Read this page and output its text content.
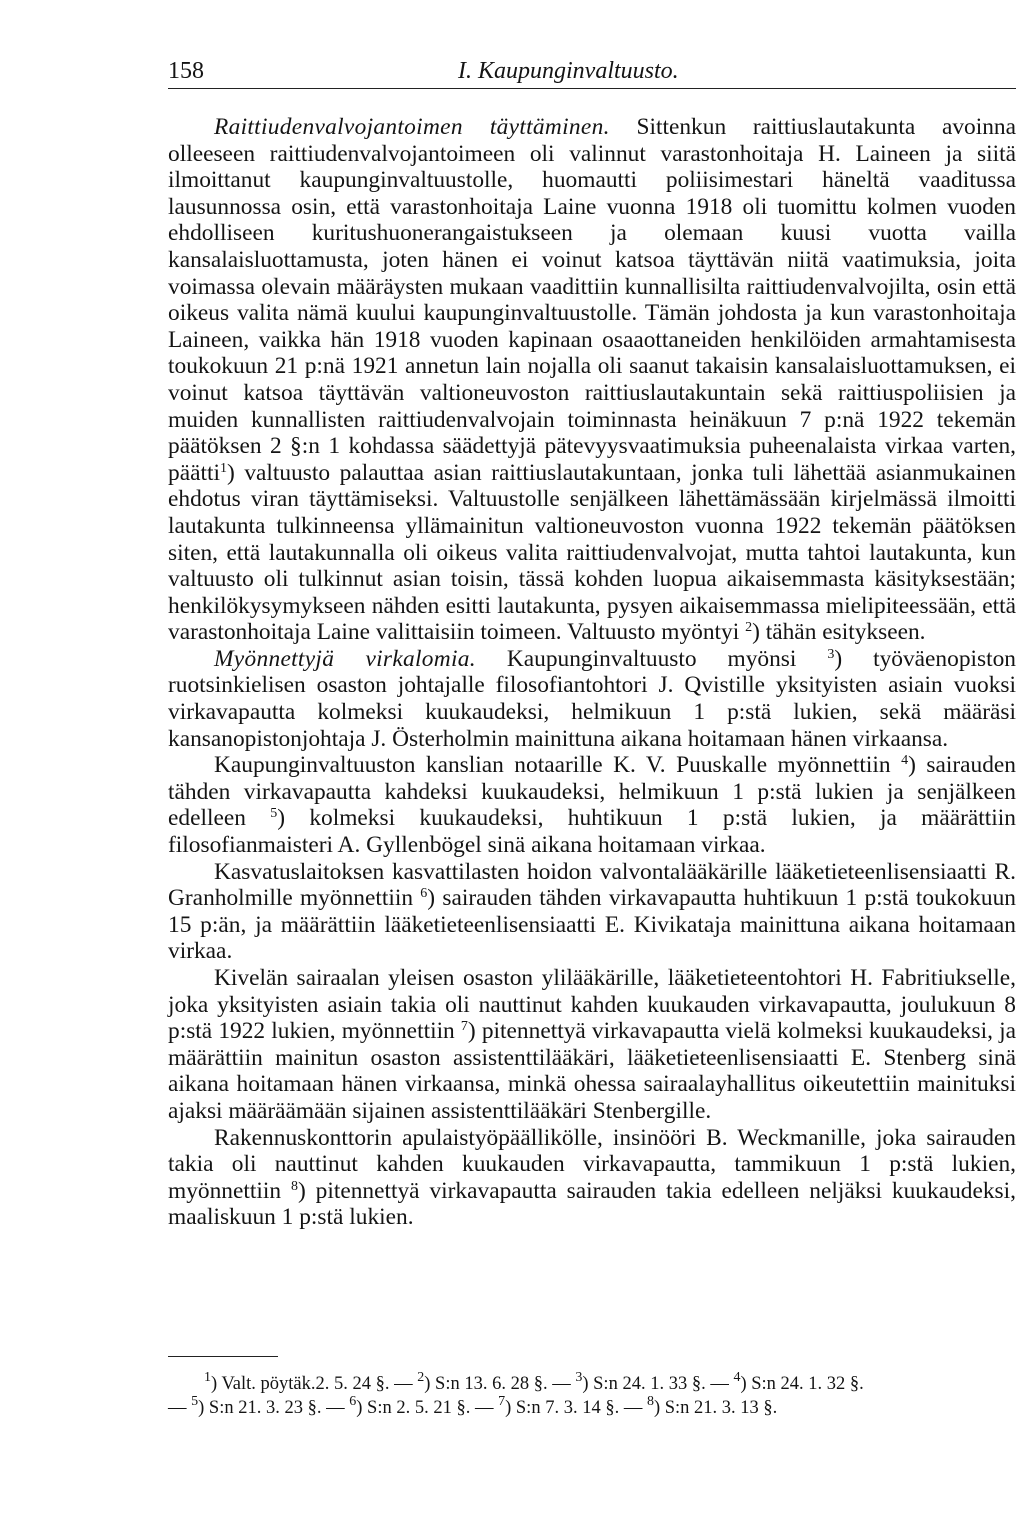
158	I. Kaupunginvaltuusto.

Raittiudenvalvojantoimen täyttäminen. Sittenkun raittiuslautakunta avoinna olleeseen raittiudenvalvojantoimeen oli valinnut varastonhoitaja H. Laineen ja siitä ilmoittanut kaupunginvaltuustolle, huomautti poliisimestari häneltä vaaditussa lausunnossa osin, että varastonhoitaja Laine vuonna 1918 oli tuomittu kolmen vuoden ehdolliseen kuritushuonerangaistukseen ja olemaan kuusi vuotta vailla kansalaisluottamusta, joten hänen ei voinut katsoa täyttävän niitä vaatimuksia, joita voimassa olevain määräysten mukaan vaadittiin kunnallisilta raittiudenvalvojilta, osin että oikeus valita nämä kuului kaupunginvaltuustolle. Tämän johdosta ja kun varastonhoitaja Laineen, vaikka hän 1918 vuoden kapinaan osaaottaneiden henkilöiden armahtamisesta toukokuun 21 p:nä 1921 annetun lain nojalla oli saanut takaisin kansalaisluottamuksen, ei voinut katsoa täyttävän valtioneuvoston raittiuslautakuntain sekä raittiuspoliisien ja muiden kunnallisten raittiudenvalvojain toiminnasta heinäkuun 7 p:nä 1922 tekemän päätöksen 2 §:n 1 kohdassa säädettyjä pätevyysvaatimuksia puheenalaista virkaa varten, päätti$^1$) valtuusto palauttaa asian raittiuslautakuntaan, jonka tuli lähettää asianmukainen ehdotus viran täyttämiseksi. Valtuustolle senjälkeen lähettämässään kirjelmässä ilmoitti lautakunta tulkinneensa yllämainitun valtioneuvoston vuonna 1922 tekemän päätöksen siten, että lautakunnalla oli oikeus valita raittiudenvalvojat, mutta tahtoi lautakunta, kun valtuusto oli tulkinnut asian toisin, tässä kohden luopua aikaisemmasta käsityksestään; henkilökysymykseen nähden esitti lautakunta, pysyen aikaisemmassa mielipiteessään, että varastonhoitaja Laine valittaisiin toimeen. Valtuusto myöntyi $^2$) tähän esitykseen.

Myönnettyjä virkalomia. Kaupunginvaltuusto myönsi $^3$) työväenopiston ruotsinkielisen osaston johtajalle filosofiantohtori J. Qvistille yksityisten asiain vuoksi virkavapautta kolmeksi kuukaudeksi, helmikuun 1 p:stä lukien, sekä määräsi kansanopistonjohtaja J. Österholmin mainittuna aikana hoitamaan hänen virkaansa.

Kaupunginvaltuuston kanslian notaarille K. V. Puuskalle myönnettiin $^4$) sairauden tähden virkavapautta kahdeksi kuukaudeksi, helmikuun 1 p:stä lukien ja senjälkeen edelleen $^5$) kolmeksi kuukaudeksi, huhtikuun 1 p:stä lukien, ja määrättiin filosofianmaisteri A. Gyllenbögel sinä aikana hoitamaan virkaa.

Kasvatuslaitoksen kasvattilasten hoidon valvontalääkärille lääketieteenlisensiaatti R. Granholmille myönnettiin $^6$) sairauden tähden virkavapautta huhtikuun 1 p:stä toukokuun 15 p:än, ja määrättiin lääketieteenlisensiaatti E. Kivikataja mainittuna aikana hoitamaan virkaa.

Kivelän sairaalan yleisen osaston ylilääkärille, lääketieteentohtori H. Fabritiukselle, joka yksityisten asiain takia oli nauttinut kahden kuukauden virkavapautta, joulukuun 8 p:stä 1922 lukien, myönnettiin $^7$) pitennettyä virkavapautta vielä kolmeksi kuukaudeksi, ja määrättiin mainitun osaston assistenttilääkäri, lääketieteenlisensiaatti E. Stenberg sinä aikana hoitamaan hänen virkaansa, minkä ohessa sairaalayhallitus oikeutettiin mainituksi ajaksi määräämään sijainen assistenttilääkäri Stenbergille.

Rakennuskonttorin apulaistyöpäällikölle, insinööri B. Weckmanille, joka sairauden takia oli nauttinut kahden kuukauden virkavapautta, tammikuun 1 p:stä lukien, myönnettiin $^8$) pitennettyä virkavapautta sairauden takia edelleen neljäksi kuukaudeksi, maaliskuun 1 p:stä lukien.

$^1$) Valt. pöytäk.2. 5. 24 §. — $^2$) S:n 13. 6. 28 §. — $^3$) S:n 24. 1. 33 §. — $^4$) S:n 24. 1. 32 §.
— $^5$) S:n 21. 3. 23 §. — $^6$) S:n 2. 5. 21 §. — $^7$) S:n 7. 3. 14 §. — $^8$) S:n 21. 3. 13 §.
